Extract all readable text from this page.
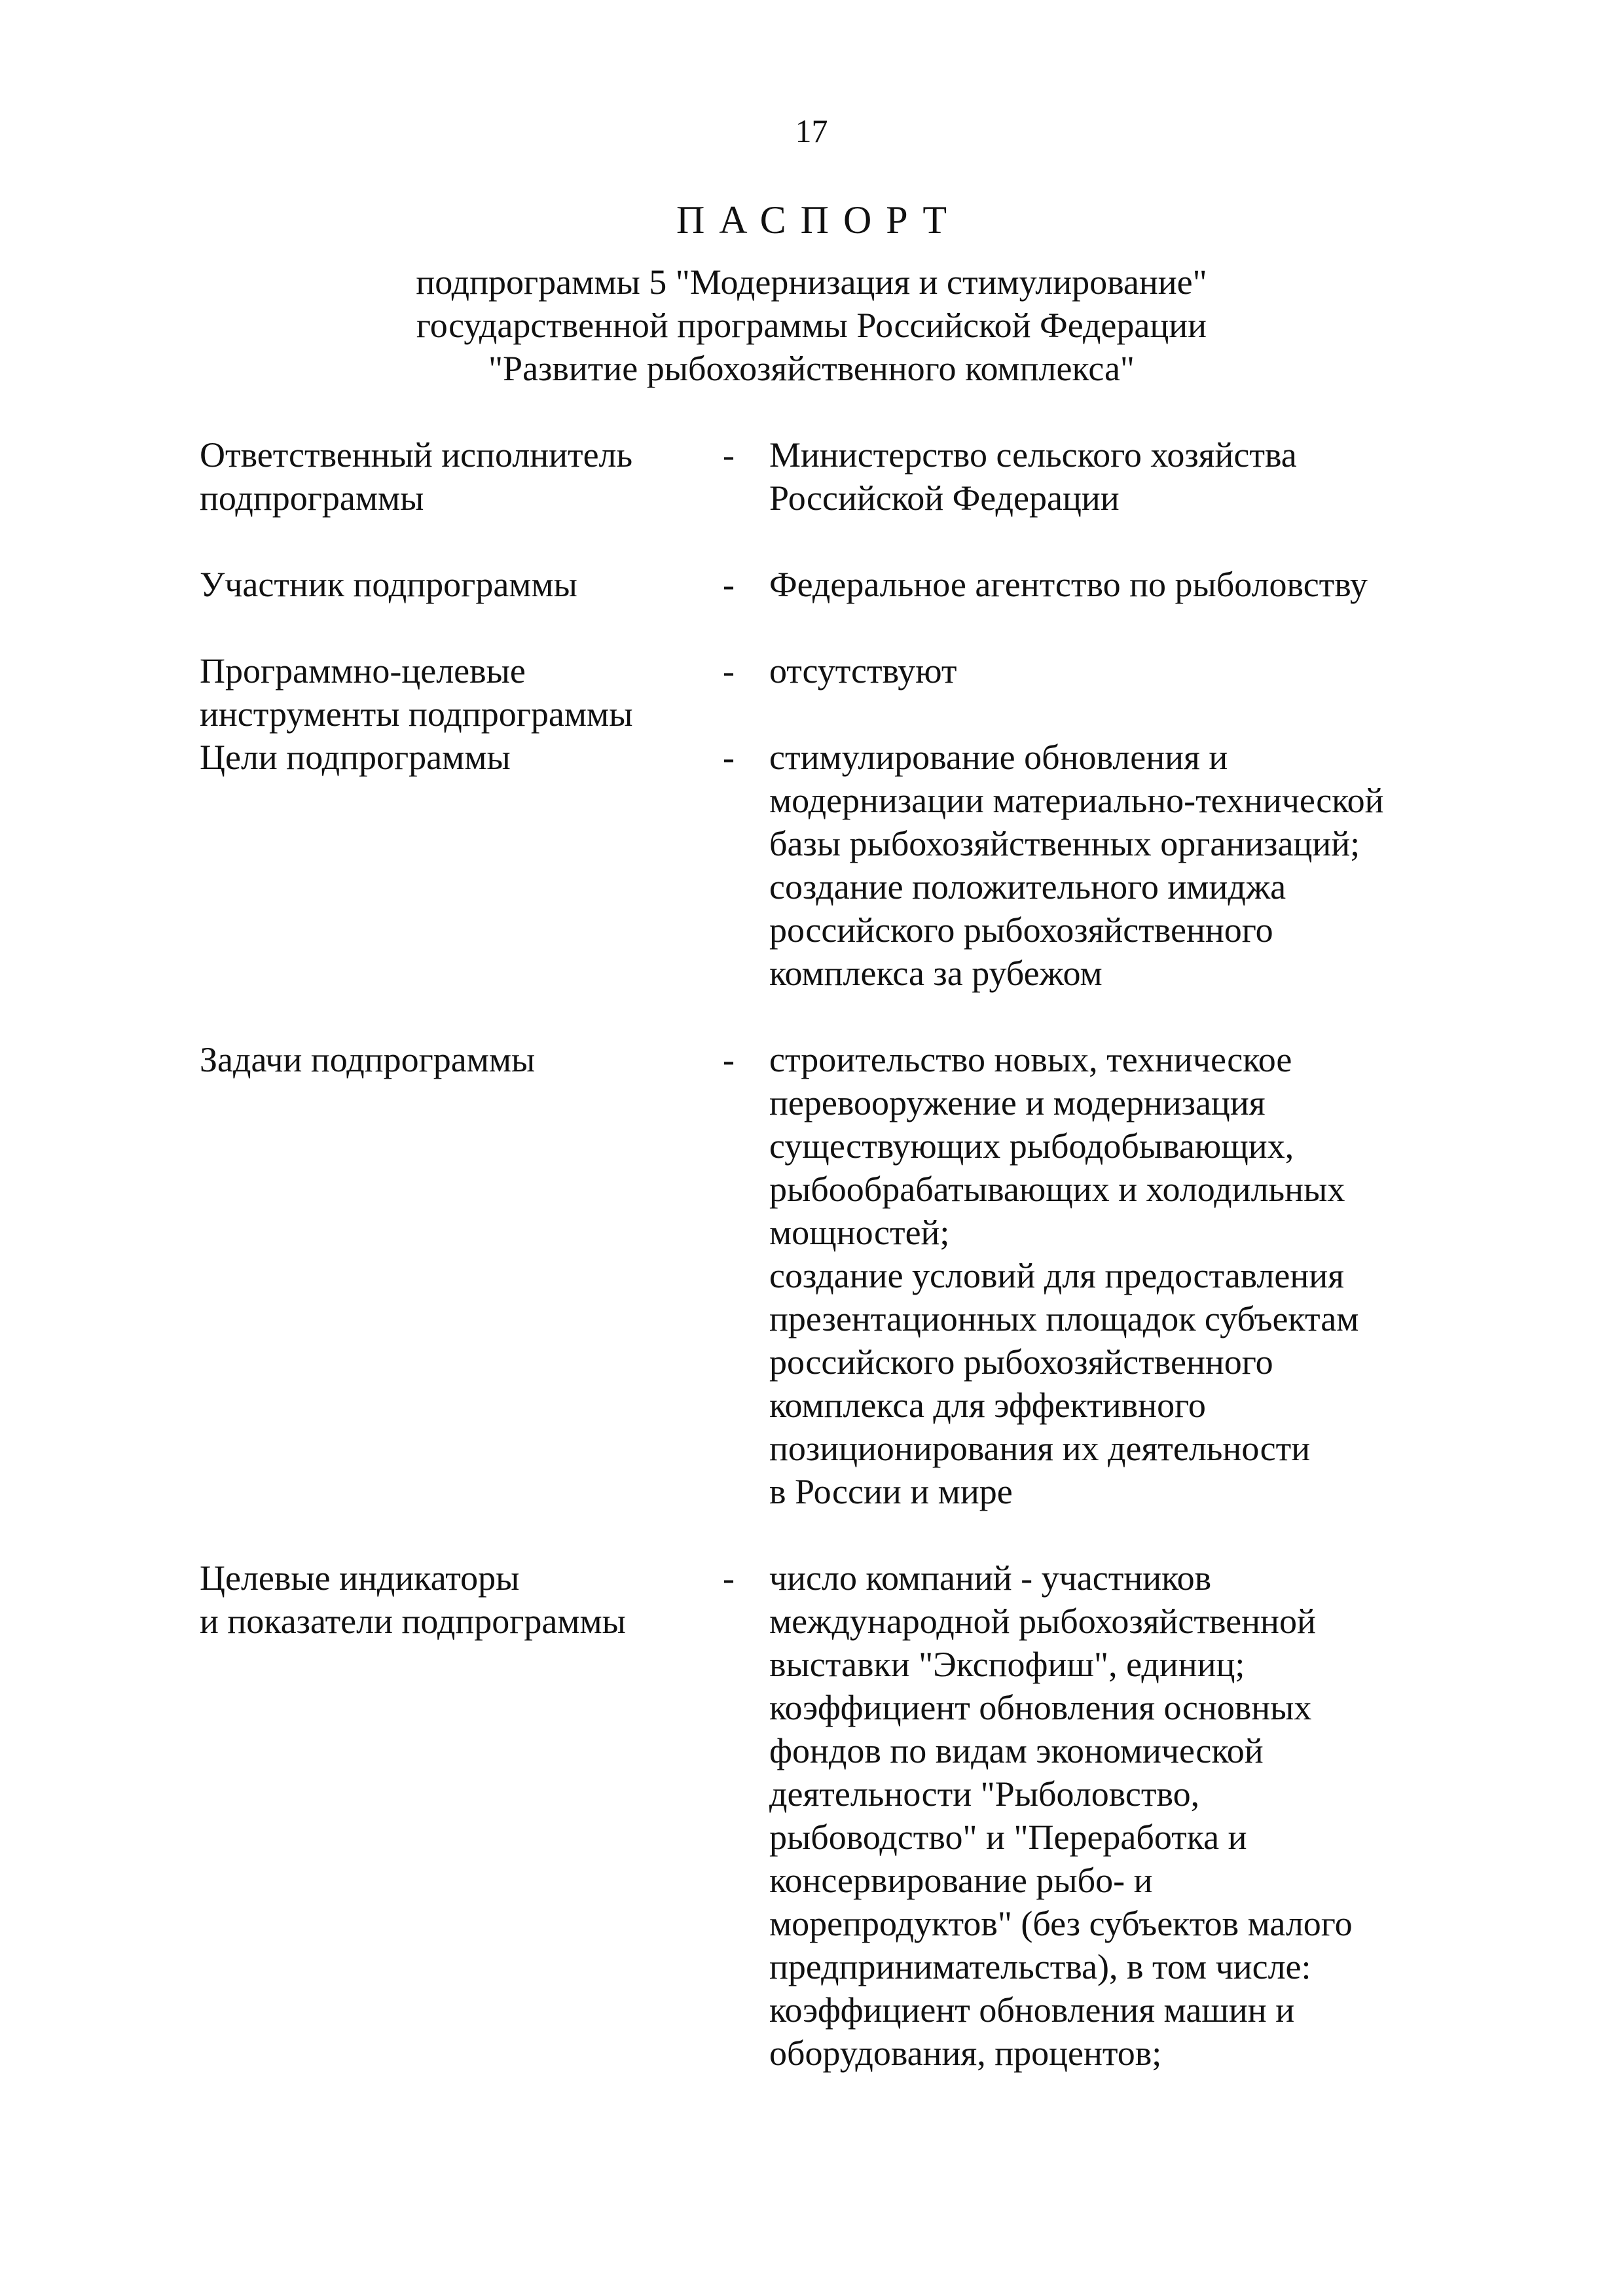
17
ПАСПОРТ
подпрограммы 5 "Модернизация и стимулирование"
государственной программы Российской Федерации
"Развитие рыбохозяйственного комплекса"
Ответственный исполнитель
подпрограммы
- Министерство сельского хозяйства
Российской Федерации
Участник подпрограммы	- Федеральное агентство по рыболовству
Программно-целевые
инструменты подпрограммы
- отсутствуют
Цели подпрограммы	- стимулирование обновления и
модернизации материально-технической
базы рыбохозяйственных организаций;
создание положительного имиджа
российского рыбохозяйственного
комплекса за рубежом
Задачи подпрограммы	- строительство новых, техническое
перевооружение и модернизация
существующих рыбодобывающих,
рыбообрабатывающих и холодильных
мощностей;
создание условий для предоставления
презентационных площадок субъектам
российского рыбохозяйственного
комплекса для эффективного
позиционирования их деятельности
в России и мире
Целевые индикаторы
и показатели подпрограммы
- число компаний - участников
международной рыбохозяйственной
выставки "Экспофиш", единиц;
коэффициент обновления основных
фондов по видам экономической
деятельности "Рыболовство,
рыбоводство" и "Переработка и
консервирование рыбо- и
морепродуктов" (без субъектов малого
предпринимательства), в том числе:
коэффициент обновления машин и
оборудования, процентов;
